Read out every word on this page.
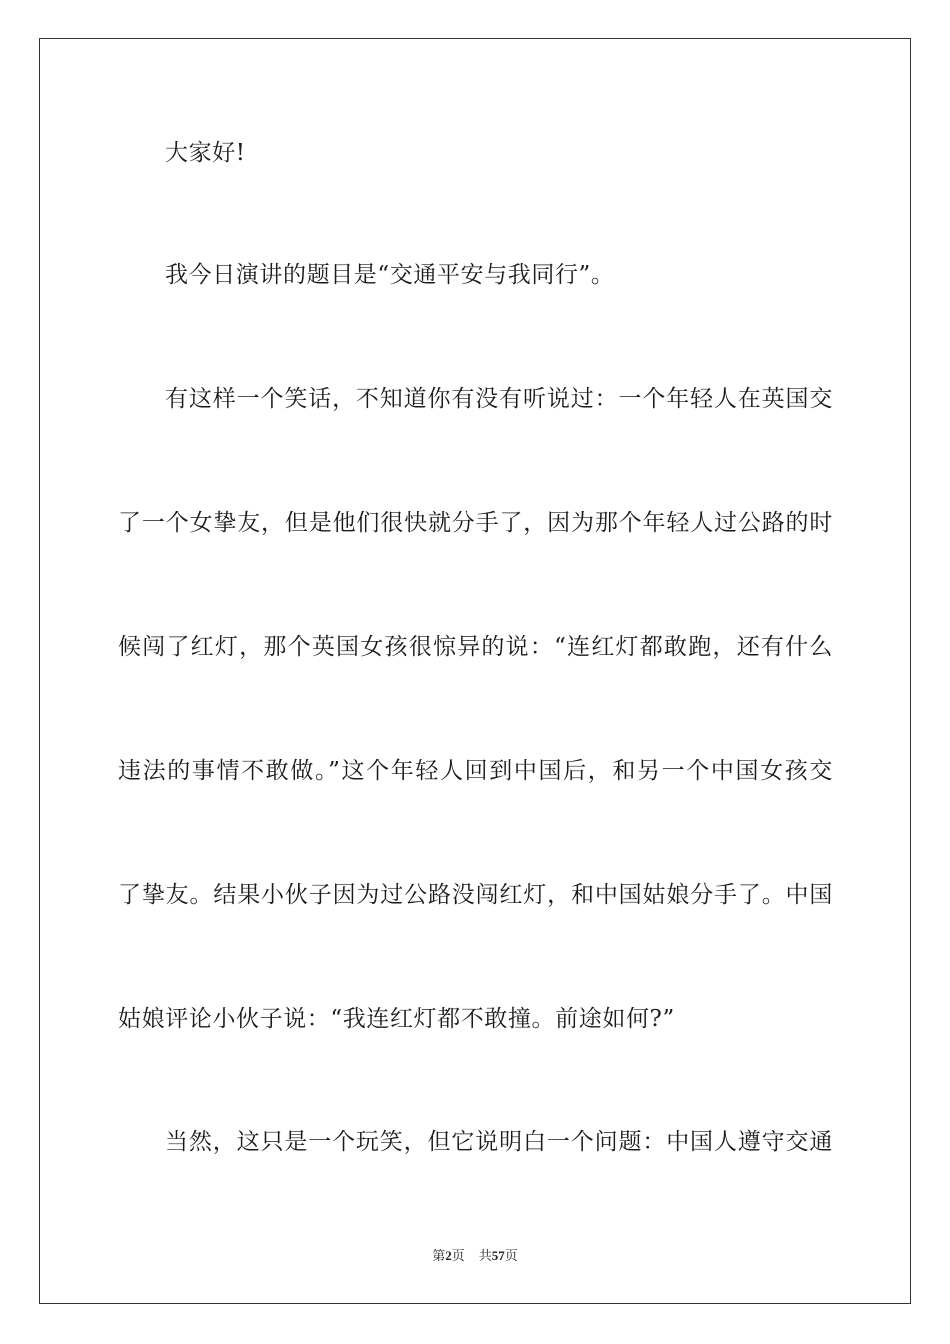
大家好!
我今日演讲的题目是“交通平安与我同行”。
有这样一个笑话，不知道你有没有听说过：一个年轻人在英国交
了一个女挚友，但是他们很快就分手了，因为那个年轻人过公路的时
候闯了红灯，那个英国女孩很惊异的说：“连红灯都敢跑，还有什么
违法的事情不敢做。”这个年轻人回到中国后，和另一个中国女孩交
了挚友。结果小伙子因为过公路没闯红灯，和中国姑娘分手了。中国
姑娘评论小伙子说：“我连红灯都不敢撞。前途如何?”
当然，这只是一个玩笑，但它说明白一个问题：中国人遵守交通
第2页 共57页
